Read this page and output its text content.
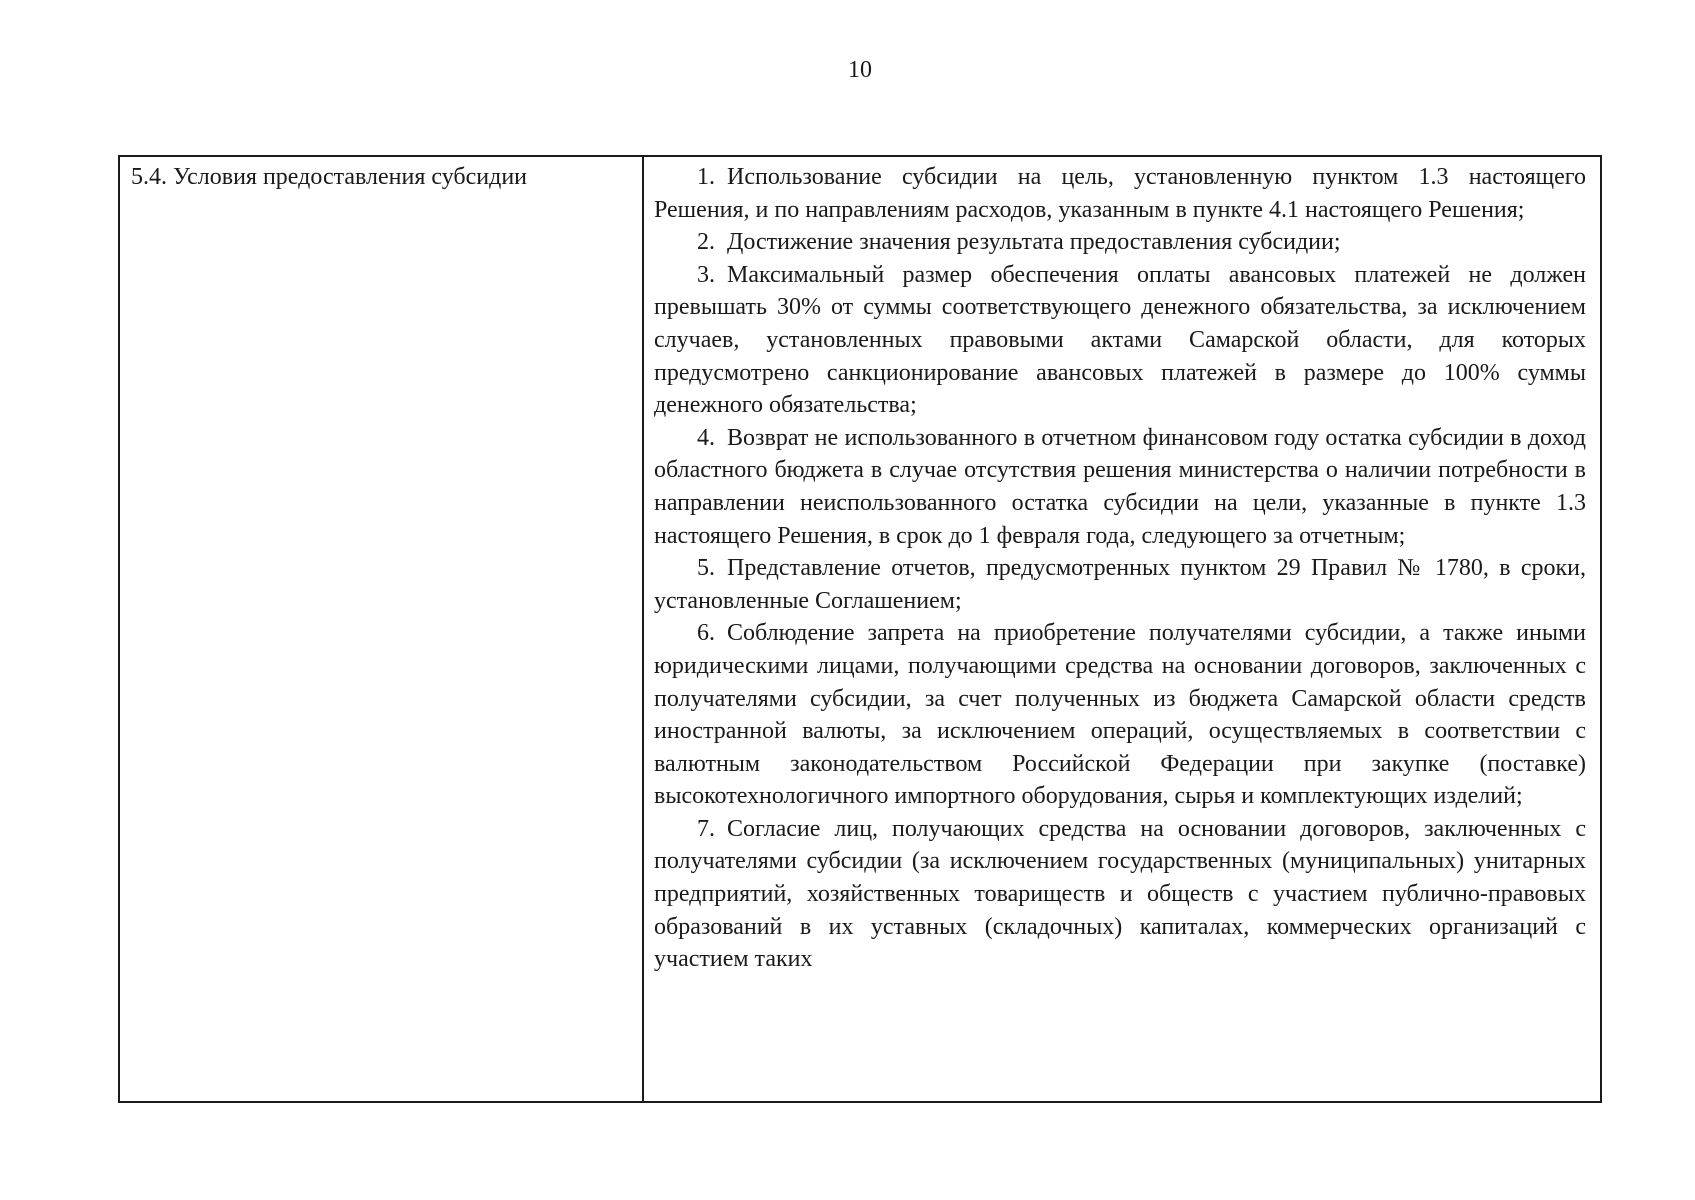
10
5.4. Условия предоставления субсидии	1. Использование субсидии на цель, установленную пунктом 1.3 настоящего Решения, и по направлениям расходов, указанным в пункте 4.1 настоящего Решения;

2. Достижение значения результата предоставления субсидии;

3. Максимальный размер обеспечения оплаты авансовых платежей не должен превышать 30% от суммы соответствующего денежного обязательства, за исключением случаев, установленных правовыми актами Самарской области, для которых предусмотрено санкционирование авансовых платежей в размере до 100% суммы денежного обязательства;

4. Возврат не использованного в отчетном финансовом году остатка субсидии в доход областного бюджета в случае отсутствия решения министерства о наличии потребности в направлении неиспользованного остатка субсидии на цели, указанные в пункте 1.3 настоящего Решения, в срок до 1 февраля года, следующего за отчетным;

5. Представление отчетов, предусмотренных пунктом 29 Правил № 1780, в сроки, установленные Соглашением;

6. Соблюдение запрета на приобретение получателями субсидии, а также иными юридическими лицами, получающими средства на основании договоров, заключенных с получателями субсидии, за счет полученных из бюджета Самарской области средств иностранной валюты, за исключением операций, осуществляемых в соответствии с валютным законодательством Российской Федерации при закупке (поставке) высокотехнологичного импортного оборудования, сырья и комплектующих изделий;

7. Согласие лиц, получающих средства на основании договоров, заключенных с получателями субсидии (за исключением государственных (муниципальных) унитарных предприятий, хозяйственных товариществ и обществ с участием публично-правовых образований в их уставных (складочных) капиталах, коммерческих организаций с участием таких
